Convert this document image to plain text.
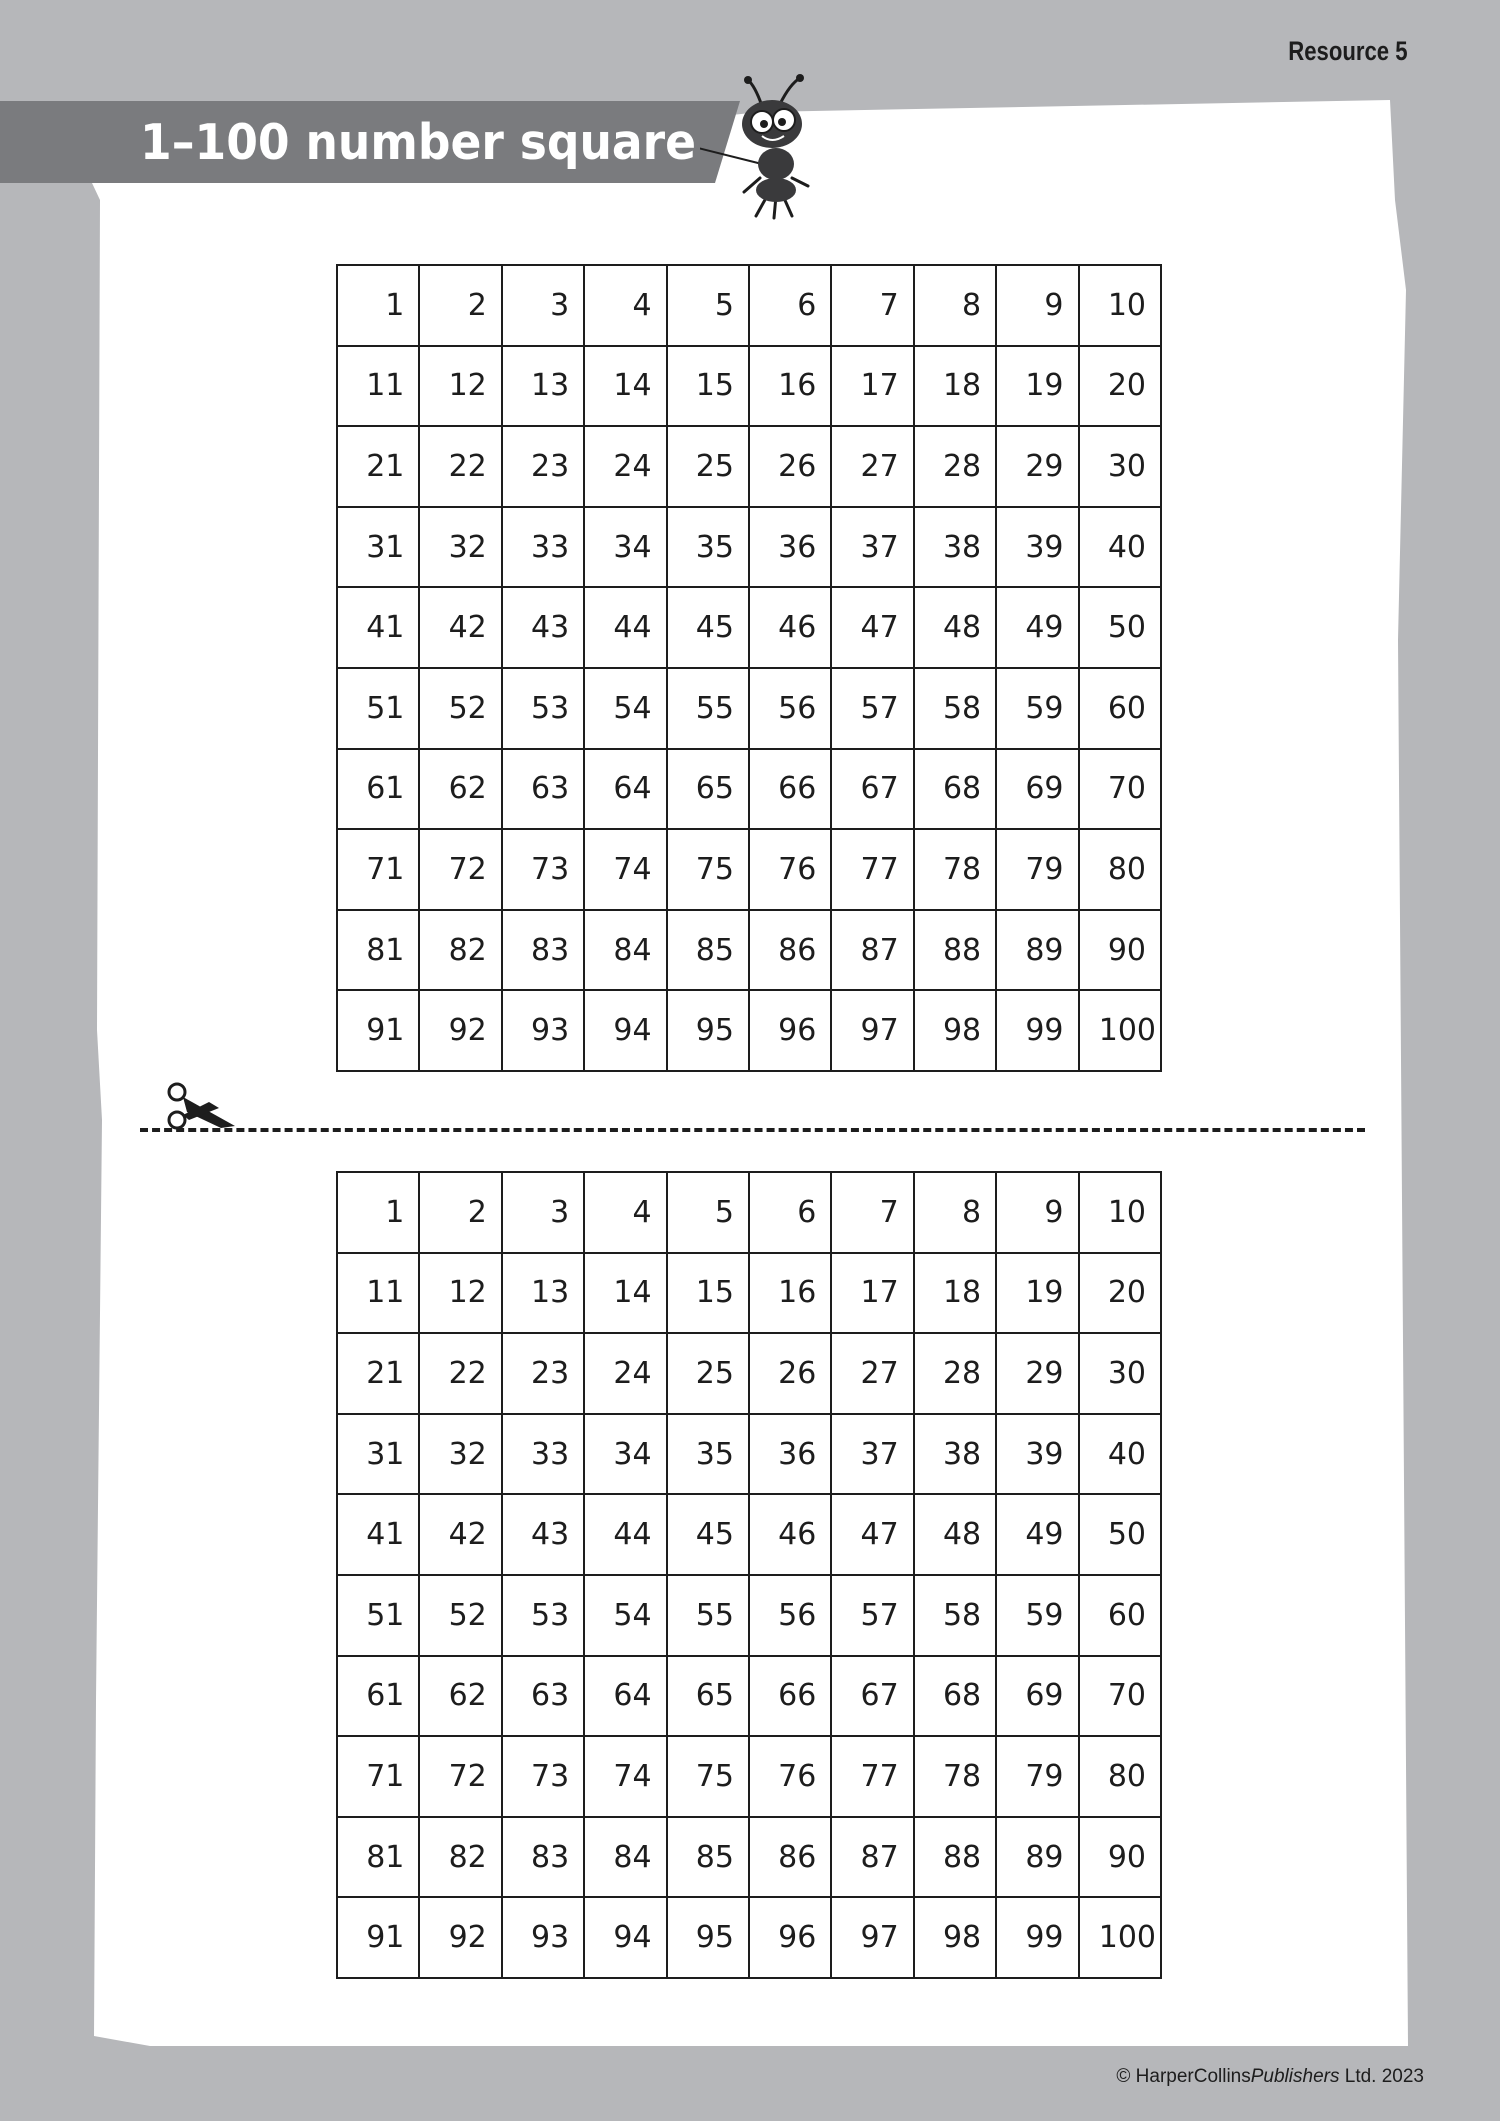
Resource 5
1–100 number square
1	2	3	4	5	6	7	8	9	10
11	12	13	14	15	16	17	18	19	20
21	22	23	24	25	26	27	28	29	30
31	32	33	34	35	36	37	38	39	40
41	42	43	44	45	46	47	48	49	50
51	52	53	54	55	56	57	58	59	60
61	62	63	64	65	66	67	68	69	70
71	72	73	74	75	76	77	78	79	80
81	82	83	84	85	86	87	88	89	90
91	92	93	94	95	96	97	98	99	100
1	2	3	4	5	6	7	8	9	10
11	12	13	14	15	16	17	18	19	20
21	22	23	24	25	26	27	28	29	30
31	32	33	34	35	36	37	38	39	40
41	42	43	44	45	46	47	48	49	50
51	52	53	54	55	56	57	58	59	60
61	62	63	64	65	66	67	68	69	70
71	72	73	74	75	76	77	78	79	80
81	82	83	84	85	86	87	88	89	90
91	92	93	94	95	96	97	98	99	100
© HarperCollinsPublishers Ltd. 2023
